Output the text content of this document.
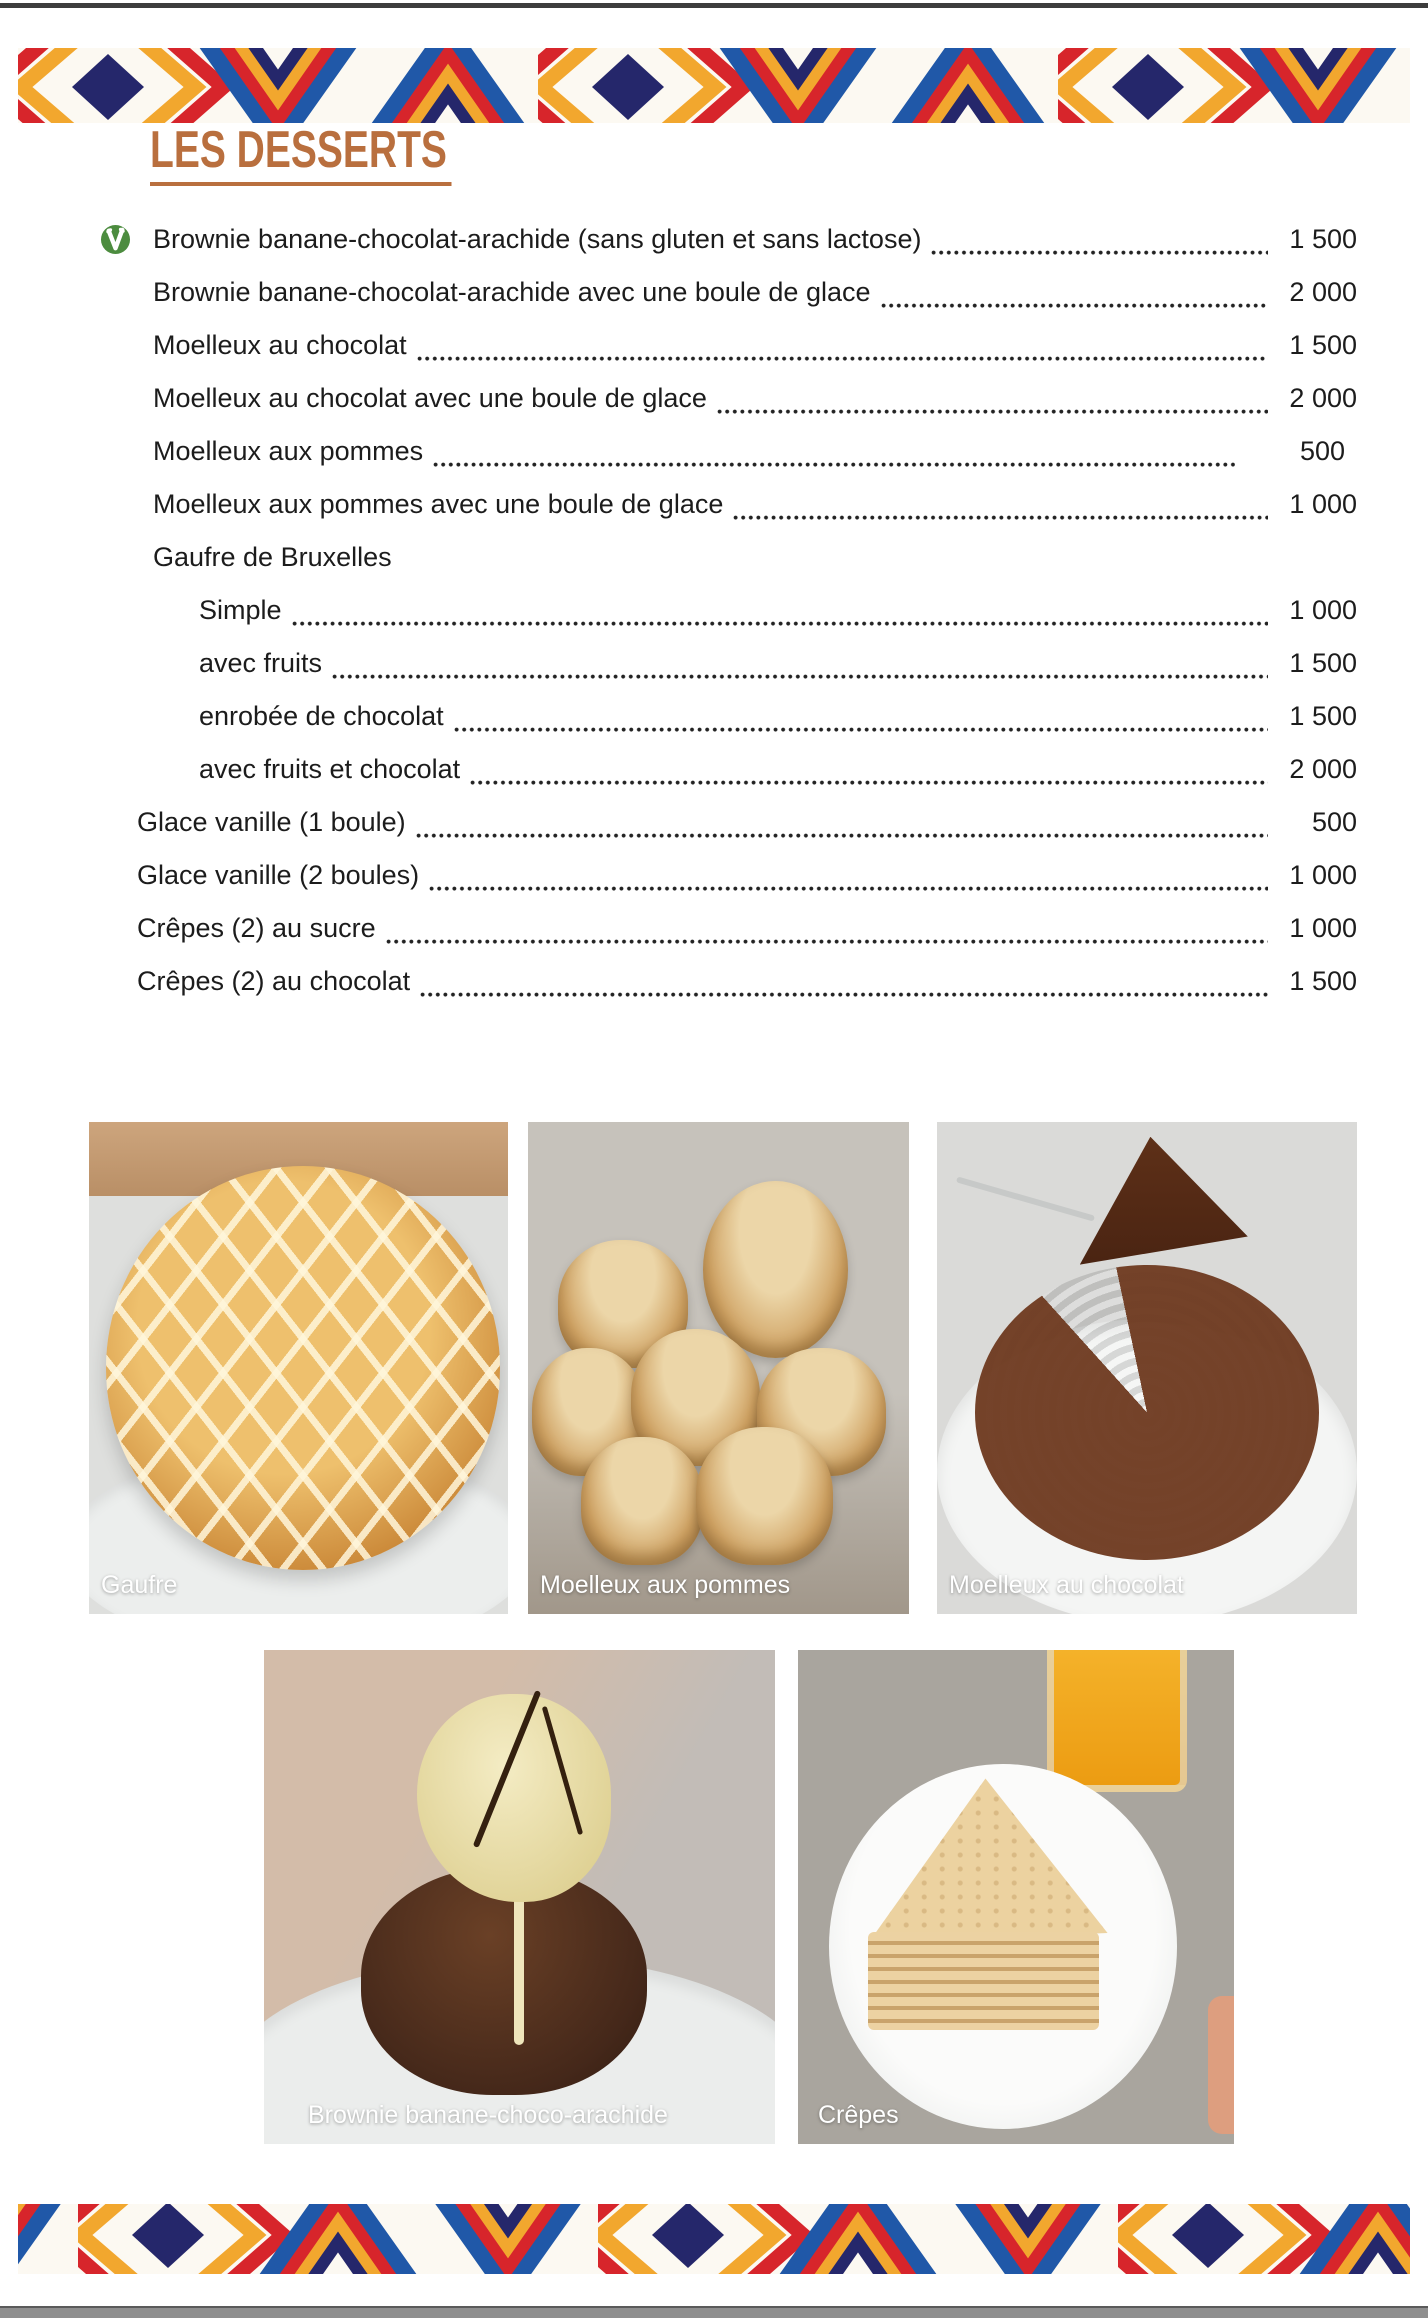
LES DESSERTS
Brownie banane-chocolat-arachide (sans gluten et sans lactose)	1 500
Brownie banane-chocolat-arachide avec une boule de glace	2 000
Moelleux au chocolat	1 500
Moelleux au chocolat avec une boule de glace	2 000
Moelleux aux pommes	500
Moelleux aux pommes avec une boule de glace	1 000
Gaufre de Bruxelles
Simple	1 000
avec fruits	1 500
enrobée de chocolat	1 500
avec fruits et chocolat	2 000
Glace vanille (1 boule)	500
Glace vanille (2 boules)	1 000
Crêpes (2) au sucre	1 000
Crêpes (2) au chocolat	1 500
Gaufre	Moelleux aux pommes	Moelleux au chocolat
Brownie banane-choco-arachide	Crêpes
